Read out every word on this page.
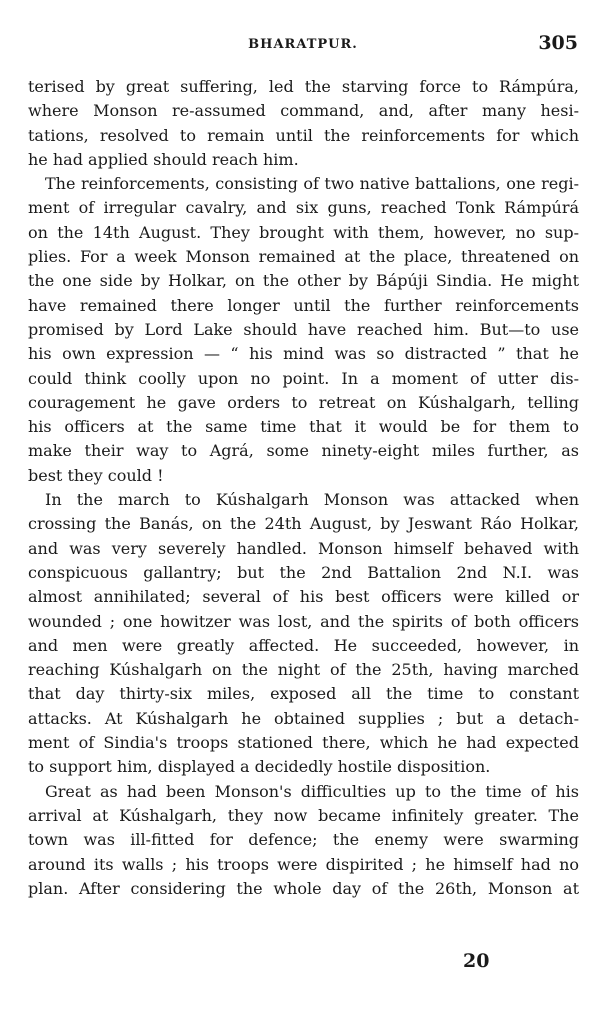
BHARATPUR.	305
terised by great suffering, led the starving force to Rámpúra,
where Monson re-assumed command, and, after many hesi-
tations, resolved to remain until the reinforcements for which
he had applied should reach him.
The reinforcements, consisting of two native battalions, one regi-
ment of irregular cavalry, and six guns, reached Tonk Rámpúrá
on the 14th August. They brought with them, however, no sup-
plies. For a week Monson remained at the place, threatened on
the one side by Holkar, on the other by Bápúji Sindia. He might
have remained there longer until the further reinforcements
promised by Lord Lake should have reached him. But—to use
his own expression — “ his mind was so distracted ” that he
could think coolly upon no point. In a moment of utter dis-
couragement he gave orders to retreat on Kúshalgarh, telling
his officers at the same time that it would be for them to
make their way to Agrá, some ninety-eight miles further, as
best they could !
In the march to Kúshalgarh Monson was attacked when
crossing the Banás, on the 24th August, by Jeswant Ráo Holkar,
and was very severely handled. Monson himself behaved with
conspicuous gallantry; but the 2nd Battalion 2nd N.I. was
almost annihilated; several of his best officers were killed or
wounded ; one howitzer was lost, and the spirits of both officers
and men were greatly affected. He succeeded, however, in
reaching Kúshalgarh on the night of the 25th, having marched
that day thirty-six miles, exposed all the time to constant
attacks. At Kúshalgarh he obtained supplies ; but a detach-
ment of Sindia's troops stationed there, which he had expected
to support him, displayed a decidedly hostile disposition.
Great as had been Monson's difficulties up to the time of his
arrival at Kúshalgarh, they now became infinitely greater. The
town was ill-fitted for defence; the enemy were swarming
around its walls ; his troops were dispirited ; he himself had no
plan. After considering the whole day of the 26th, Monson at
20
